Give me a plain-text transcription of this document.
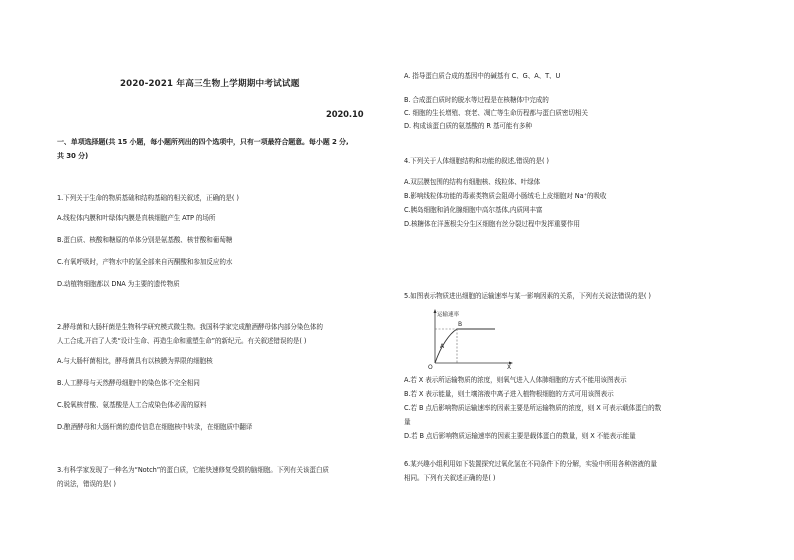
2020-2021 年高三生物上学期期中考试试题
2020.10
一、单项选择题(共 15 小题，每小题所列出的四个选项中，只有一项最符合题意。每小题 2 分,
共 30 分)
1.下列关于生命的物质基础和结构基础的相关叙述，正确的是( )
A.线粒体内膜和叶绿体内膜是真核细胞产生 ATP 的场所
B.蛋白质、核酸和糖原的单体分别是氨基酸、核苷酸和葡萄糖
C.有氧呼吸时，产物水中的氢全部来自丙酮酸和参加反应的水
D.动植物细胞都以 DNA 为主要的遗传物质
2.酵母菌和大肠杆菌是生物科学研究模式微生物。我国科学家完成酿酒酵母体内部分染色体的
人工合成,开启了人类“设计生命、再造生命和重塑生命”的新纪元。有关叙述错误的是( )
A.与大肠杆菌相比，酵母菌具有以核膜为界限的细胞核
B.人工酵母与天然酵母细胞中的染色体不完全相同
C.脱氧核苷酸、氨基酸是人工合成染色体必需的原料
D.酿酒酵母和大肠杆菌的遗传信息在细胞核中转录，在细胞质中翻译
3.有科学家发现了一种名为“Notch”的蛋白质，它能快速修复受损的脑细胞。下列有关该蛋白质
的说法，错误的是( )
A. 指导蛋白质合成的基因中的碱基有 C、G、A、T、U
B. 合成蛋白质时的脱水等过程是在核糖体中完成的
C. 细胞的生长增殖、衰老、凋亡等生命历程都与蛋白质密切相关
D. 构成该蛋白质的氨基酸的 R 基可能有多种
4.下列关于人体细胞结构和功能的叙述,错误的是( )
A.双层膜包围的结构有细胞核、线粒体、叶绿体
B.影响线粒体功能的毒素类物质会阻碍小肠绒毛上皮细胞对 Na⁺的吸收
C.胰岛细胞和消化腺细胞中高尔基体,内质网丰富
D.核糖体在洋葱根尖分生区细胞有丝分裂过程中发挥重要作用
5.如图表示物质进出细胞的运输速率与某一影响因素的关系，下列有关说法错误的是( )
运输速率
A
B
O	X
A.若 X 表示所运输物质的浓度，则氧气进入人体肺细胞的方式不能用该图表示
B.若 X 表示能量，则土壤溶液中离子进入植物根细胞的方式可用该图表示
C.若 B 点后影响物质运输速率的因素主要是所运输物质的浓度，则 X 可表示载体蛋白的数
量
D.若 B 点后影响物质运输速率的因素主要是载体蛋白的数量，则 X 不能表示能量
6.某兴趣小组利用如下装置探究过氧化氢在不同条件下的分解，实验中所用各种溶液的量
相同。下列有关叙述正确的是( )
